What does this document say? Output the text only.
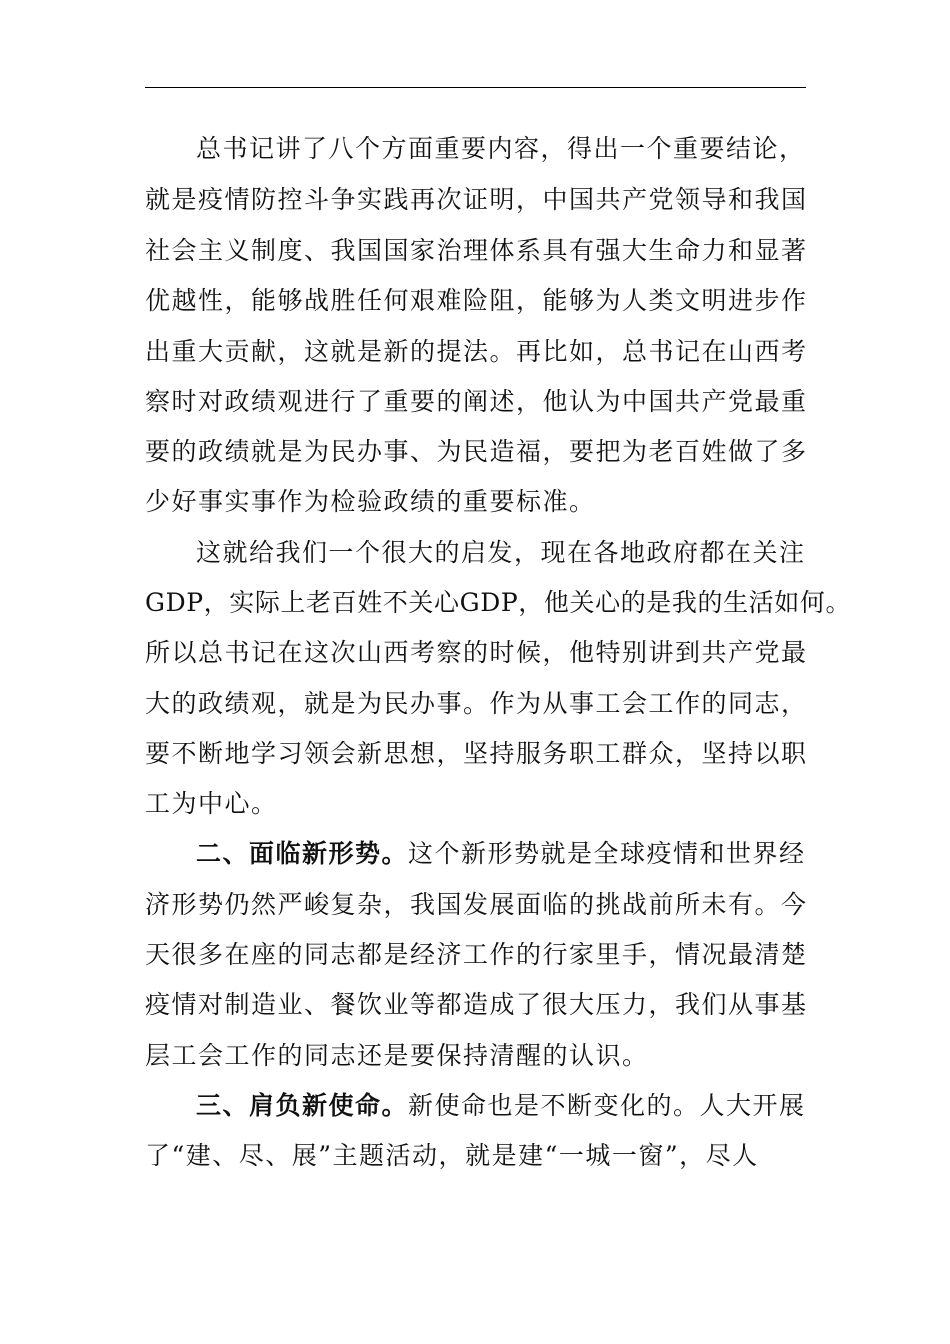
总书记讲了八个方面重要内容，得出一个重要结论，
就是疫情防控斗争实践再次证明，中国共产党领导和我国
社会主义制度、我国国家治理体系具有强大生命力和显著
优越性，能够战胜任何艰难险阻，能够为人类文明进步作
出重大贡献，这就是新的提法。再比如，总书记在山西考
察时对政绩观进行了重要的阐述，他认为中国共产党最重
要的政绩就是为民办事、为民造福，要把为老百姓做了多
少好事实事作为检验政绩的重要标准。
这就给我们一个很大的启发，现在各地政府都在关注
GDP，实际上老百姓不关心GDP，他关心的是我的生活如何。
所以总书记在这次山西考察的时候，他特别讲到共产党最
大的政绩观，就是为民办事。作为从事工会工作的同志，
要不断地学习领会新思想，坚持服务职工群众，坚持以职
工为中心。
二、面临新形势。这个新形势就是全球疫情和世界经
济形势仍然严峻复杂，我国发展面临的挑战前所未有。今
天很多在座的同志都是经济工作的行家里手，情况最清楚
疫情对制造业、餐饮业等都造成了很大压力，我们从事基
层工会工作的同志还是要保持清醒的认识。
三、肩负新使命。新使命也是不断变化的。人大开展
了“建、尽、展”主题活动，就是建“一城一窗”，尽人
